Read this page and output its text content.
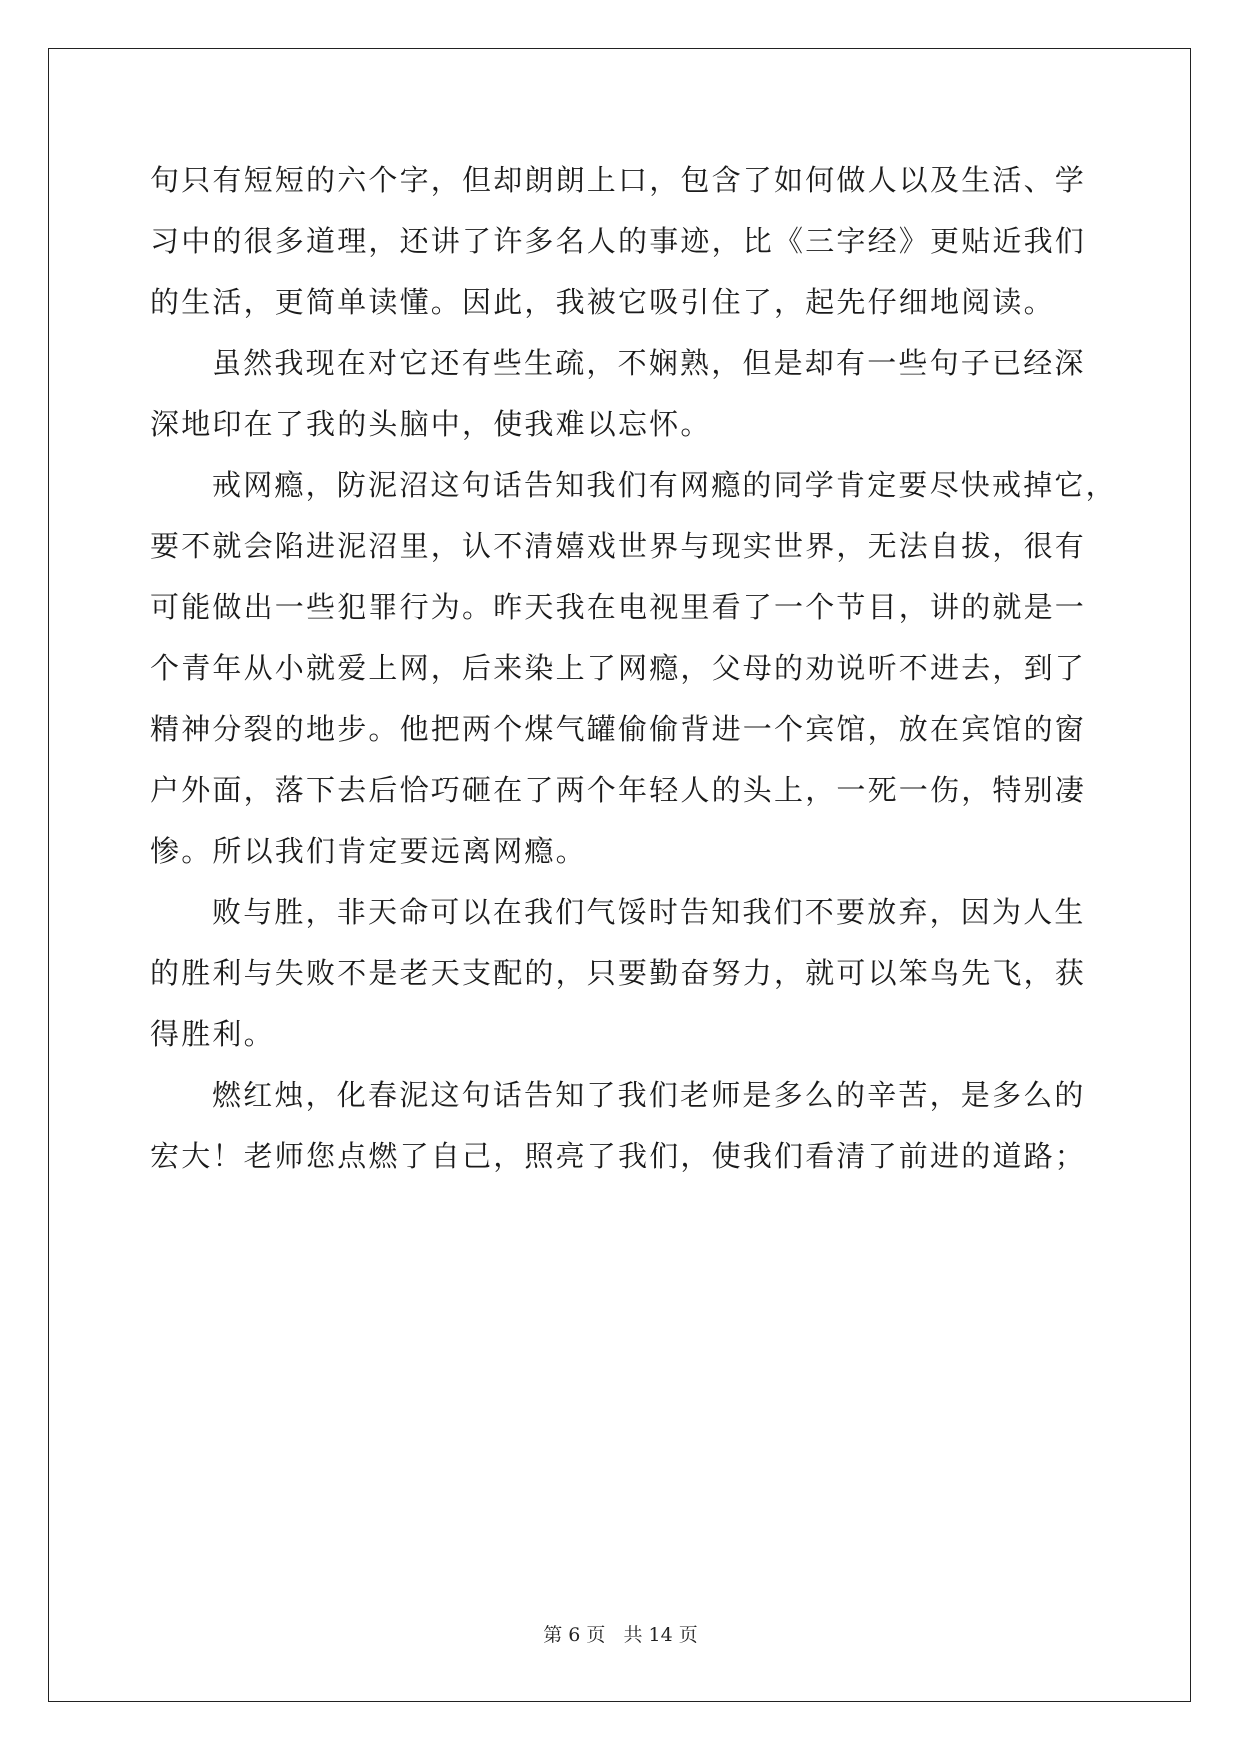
句只有短短的六个字，但却朗朗上口，包含了如何做人以及生活、学
习中的很多道理，还讲了许多名人的事迹，比《三字经》更贴近我们
的生活，更简单读懂。因此，我被它吸引住了，起先仔细地阅读。
虽然我现在对它还有些生疏，不娴熟，但是却有一些句子已经深
深地印在了我的头脑中，使我难以忘怀。
戒网瘾，防泥沼这句话告知我们有网瘾的同学肯定要尽快戒掉它，
要不就会陷进泥沼里，认不清嬉戏世界与现实世界，无法自拔，很有
可能做出一些犯罪行为。昨天我在电视里看了一个节目，讲的就是一
个青年从小就爱上网，后来染上了网瘾，父母的劝说听不进去，到了
精神分裂的地步。他把两个煤气罐偷偷背进一个宾馆，放在宾馆的窗
户外面，落下去后恰巧砸在了两个年轻人的头上，一死一伤，特别凄
惨。所以我们肯定要远离网瘾。
败与胜，非天命可以在我们气馁时告知我们不要放弃，因为人生
的胜利与失败不是老天支配的，只要勤奋努力，就可以笨鸟先飞，获
得胜利。
燃红烛，化春泥这句话告知了我们老师是多么的辛苦，是多么的
宏大！老师您点燃了自己，照亮了我们，使我们看清了前进的道路；
第 6 页 共 14 页
